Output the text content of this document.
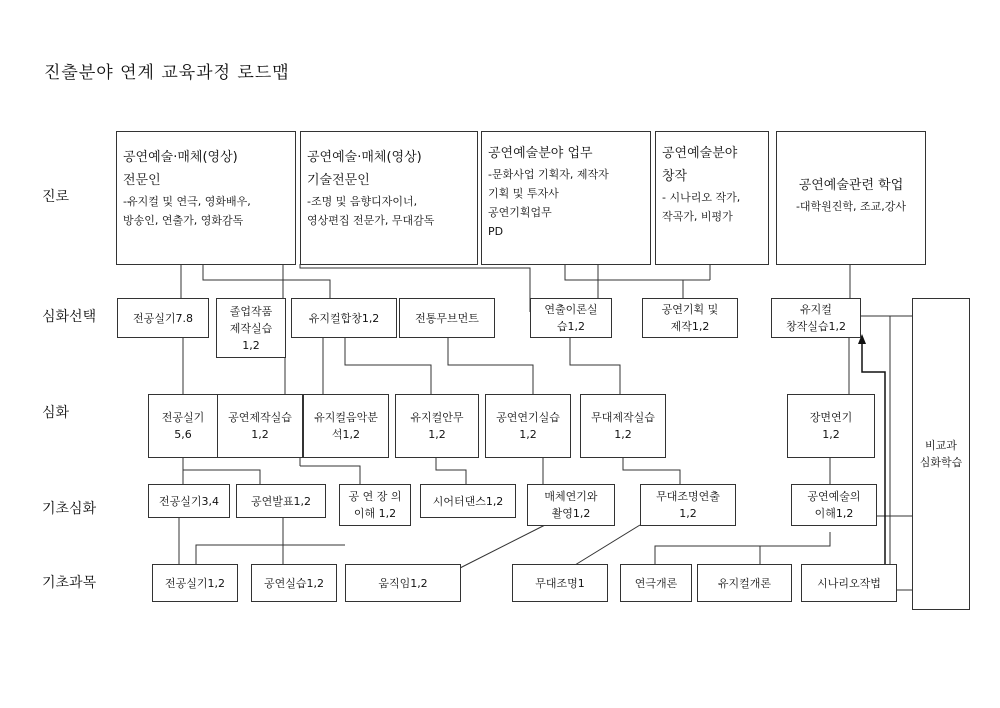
진출분야 연계 교육과정 로드맵
진로
심화선택
심화
기초심화
기초과목
공연예술·매체(영상)
전문인
-유지컬 및 연극, 영화배우,
방송인, 연출가, 영화감독
공연예술·매체(영상)
기술전문인
-조명 및 음향디자이너,
영상편집 전문가, 무대감독
공연예술분야 업무
-문화사업 기획자, 제작자
기획 및 투자사
공연기획업무
PD
공연예술분야
창작
- 시나리오 작가,
작곡가, 비평가
공연예술관련 학업
-대학원진학, 조교,강사
전공실기7.8
졸업작품
제작실습
1,2
유지컬합창1,2	전통무브먼트
연출이론실
습1,2
공연기획 및
제작1,2
유지컬
창작실습1,2
전공실기
5,6
공연제작실습
1,2
유지컬음악분
석1,2
유지컬안무
1,2
공연연기실습
1,2
무대제작실습
1,2
장면연기
1,2
전공실기3,4	공연발표1,2	공 연 장 의
이해 1,2
시어터댄스1,2	매체연기와
촬영1,2
무대조명연출
1,2
공연예술의
이해1,2
전공실기1,2	공연실습1,2	움직임1,2	무대조명1	연극개론	유지컬개론	시나리오작법
비교과
심화학습
